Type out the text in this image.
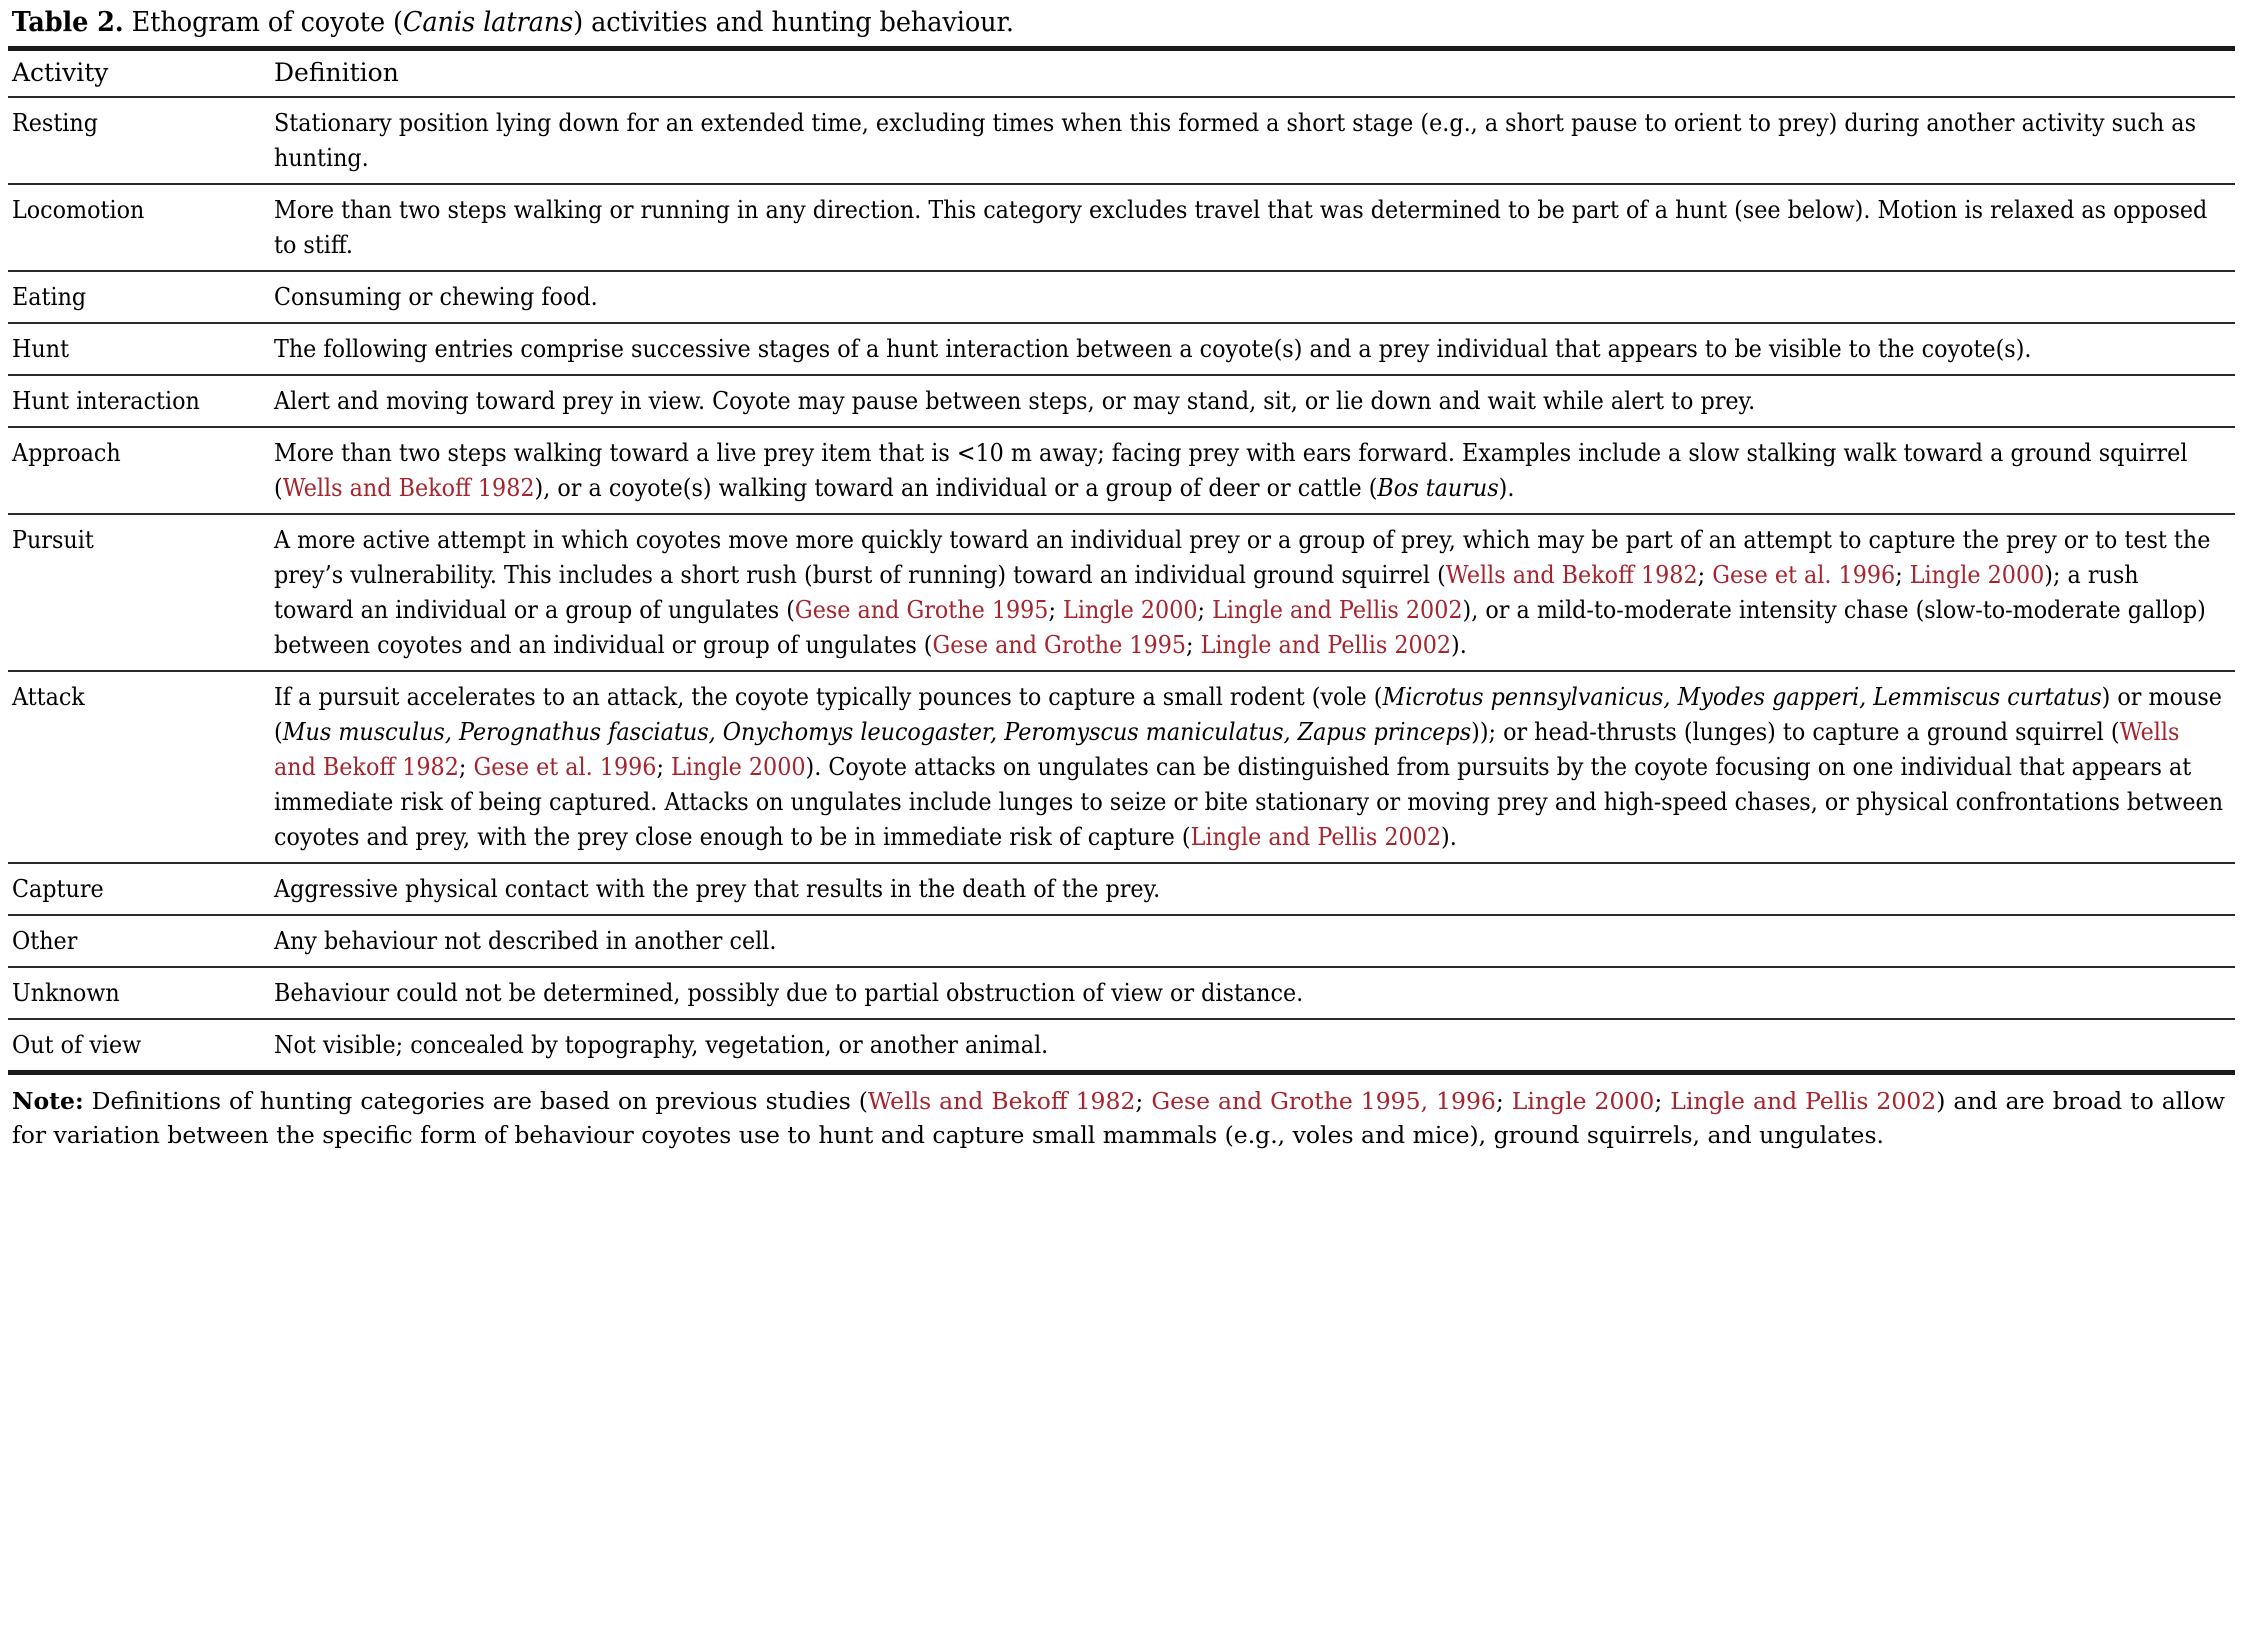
Table 2. Ethogram of coyote (Canis latrans) activities and hunting behaviour.
Activity	Definition

Resting	Stationary position lying down for an extended time, excluding times when this formed a short stage (e.g., a short pause to orient to prey) during another activity such as hunting.

Locomotion	More than two steps walking or running in any direction. This category excludes travel that was determined to be part of a hunt (see below). Motion is relaxed as opposed to stiff.

Eating	Consuming or chewing food.

Hunt	The following entries comprise successive stages of a hunt interaction between a coyote(s) and a prey individual that appears to be visible to the coyote(s).

Hunt interaction	Alert and moving toward prey in view. Coyote may pause between steps, or may stand, sit, or lie down and wait while alert to prey.

Approach	More than two steps walking toward a live prey item that is <10 m away; facing prey with ears forward. Examples include a slow stalking walk toward a ground squirrel (Wells and Bekoff 1982), or a coyote(s) walking toward an individual or a group of deer or cattle (Bos taurus).

Pursuit	A more active attempt in which coyotes move more quickly toward an individual prey or a group of prey, which may be part of an attempt to capture the prey or to test the prey’s vulnerability. This includes a short rush (burst of running) toward an individual ground squirrel (Wells and Bekoff 1982; Gese et al. 1996; Lingle 2000); a rush toward an individual or a group of ungulates (Gese and Grothe 1995; Lingle 2000; Lingle and Pellis 2002), or a mild-to-moderate intensity chase (slow-to-moderate gallop) between coyotes and an individual or group of ungulates (Gese and Grothe 1995; Lingle and Pellis 2002).

Attack	If a pursuit accelerates to an attack, the coyote typically pounces to capture a small rodent (vole (Microtus pennsylvanicus, Myodes gapperi, Lemmiscus curtatus) or mouse (Mus musculus, Perognathus fasciatus, Onychomys leucogaster, Peromyscus maniculatus, Zapus princeps)); or head-thrusts (lunges) to capture a ground squirrel (Wells and Bekoff 1982; Gese et al. 1996; Lingle 2000). Coyote attacks on ungulates can be distinguished from pursuits by the coyote focusing on one individual that appears at immediate risk of being captured. Attacks on ungulates include lunges to seize or bite stationary or moving prey and high-speed chases, or physical confrontations between coyotes and prey, with the prey close enough to be in immediate risk of capture (Lingle and Pellis 2002).

Capture	Aggressive physical contact with the prey that results in the death of the prey.

Other	Any behaviour not described in another cell.

Unknown	Behaviour could not be determined, possibly due to partial obstruction of view or distance.

Out of view	Not visible; concealed by topography, vegetation, or another animal.
Note: Definitions of hunting categories are based on previous studies (Wells and Bekoff 1982; Gese and Grothe 1995, 1996; Lingle 2000; Lingle and Pellis 2002) and are broad to allow for variation between the specific form of behaviour coyotes use to hunt and capture small mammals (e.g., voles and mice), ground squirrels, and ungulates.
